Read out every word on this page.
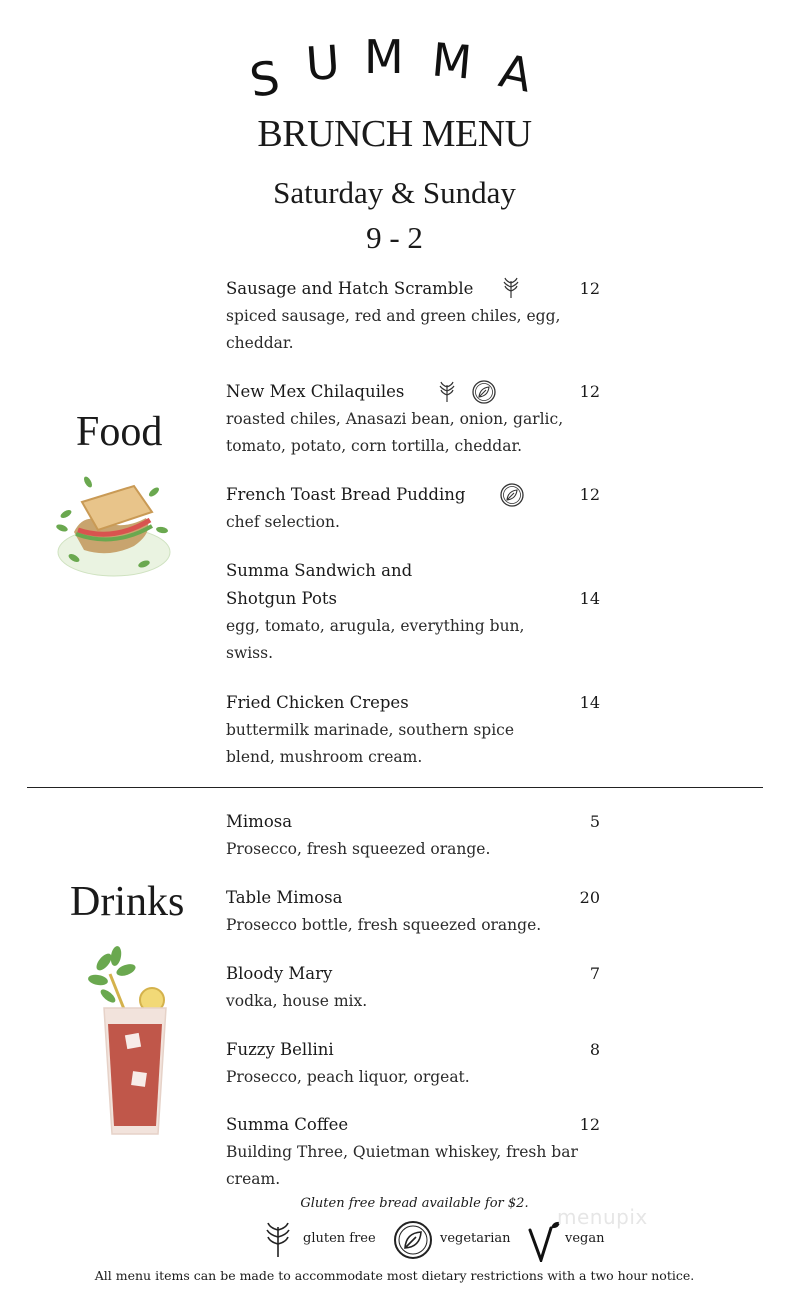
S U M M A
BRUNCH MENU
Saturday & Sunday
9 - 2
Food
Sausage and Hatch Scramble
spiced sausage, red and green chiles, egg, cheddar.
12
New Mex Chilaquiles
roasted chiles, Anasazi bean, onion, garlic, tomato, potato, corn tortilla, cheddar.
12
French Toast Bread Pudding
chef selection.
12
Summa Sandwich and Shotgun Pots
egg, tomato, arugula, everything bun, swiss.
14
Fried Chicken Crepes
buttermilk marinade, southern spice blend, mushroom cream.
14
Drinks
Mimosa
Prosecco, fresh squeezed orange.
5
Table Mimosa
Prosecco bottle, fresh squeezed orange.
20
Bloody Mary
vodka, house mix.
7
Fuzzy Bellini
Prosecco, peach liquor, orgeat.
8
Summa Coffee
Building Three, Quietman whiskey, fresh bar cream.
12
Gluten free bread available for $2.
gluten free	vegetarian	vegan
menupix
All menu items can be made to accommodate most dietary restrictions with a two hour notice.
